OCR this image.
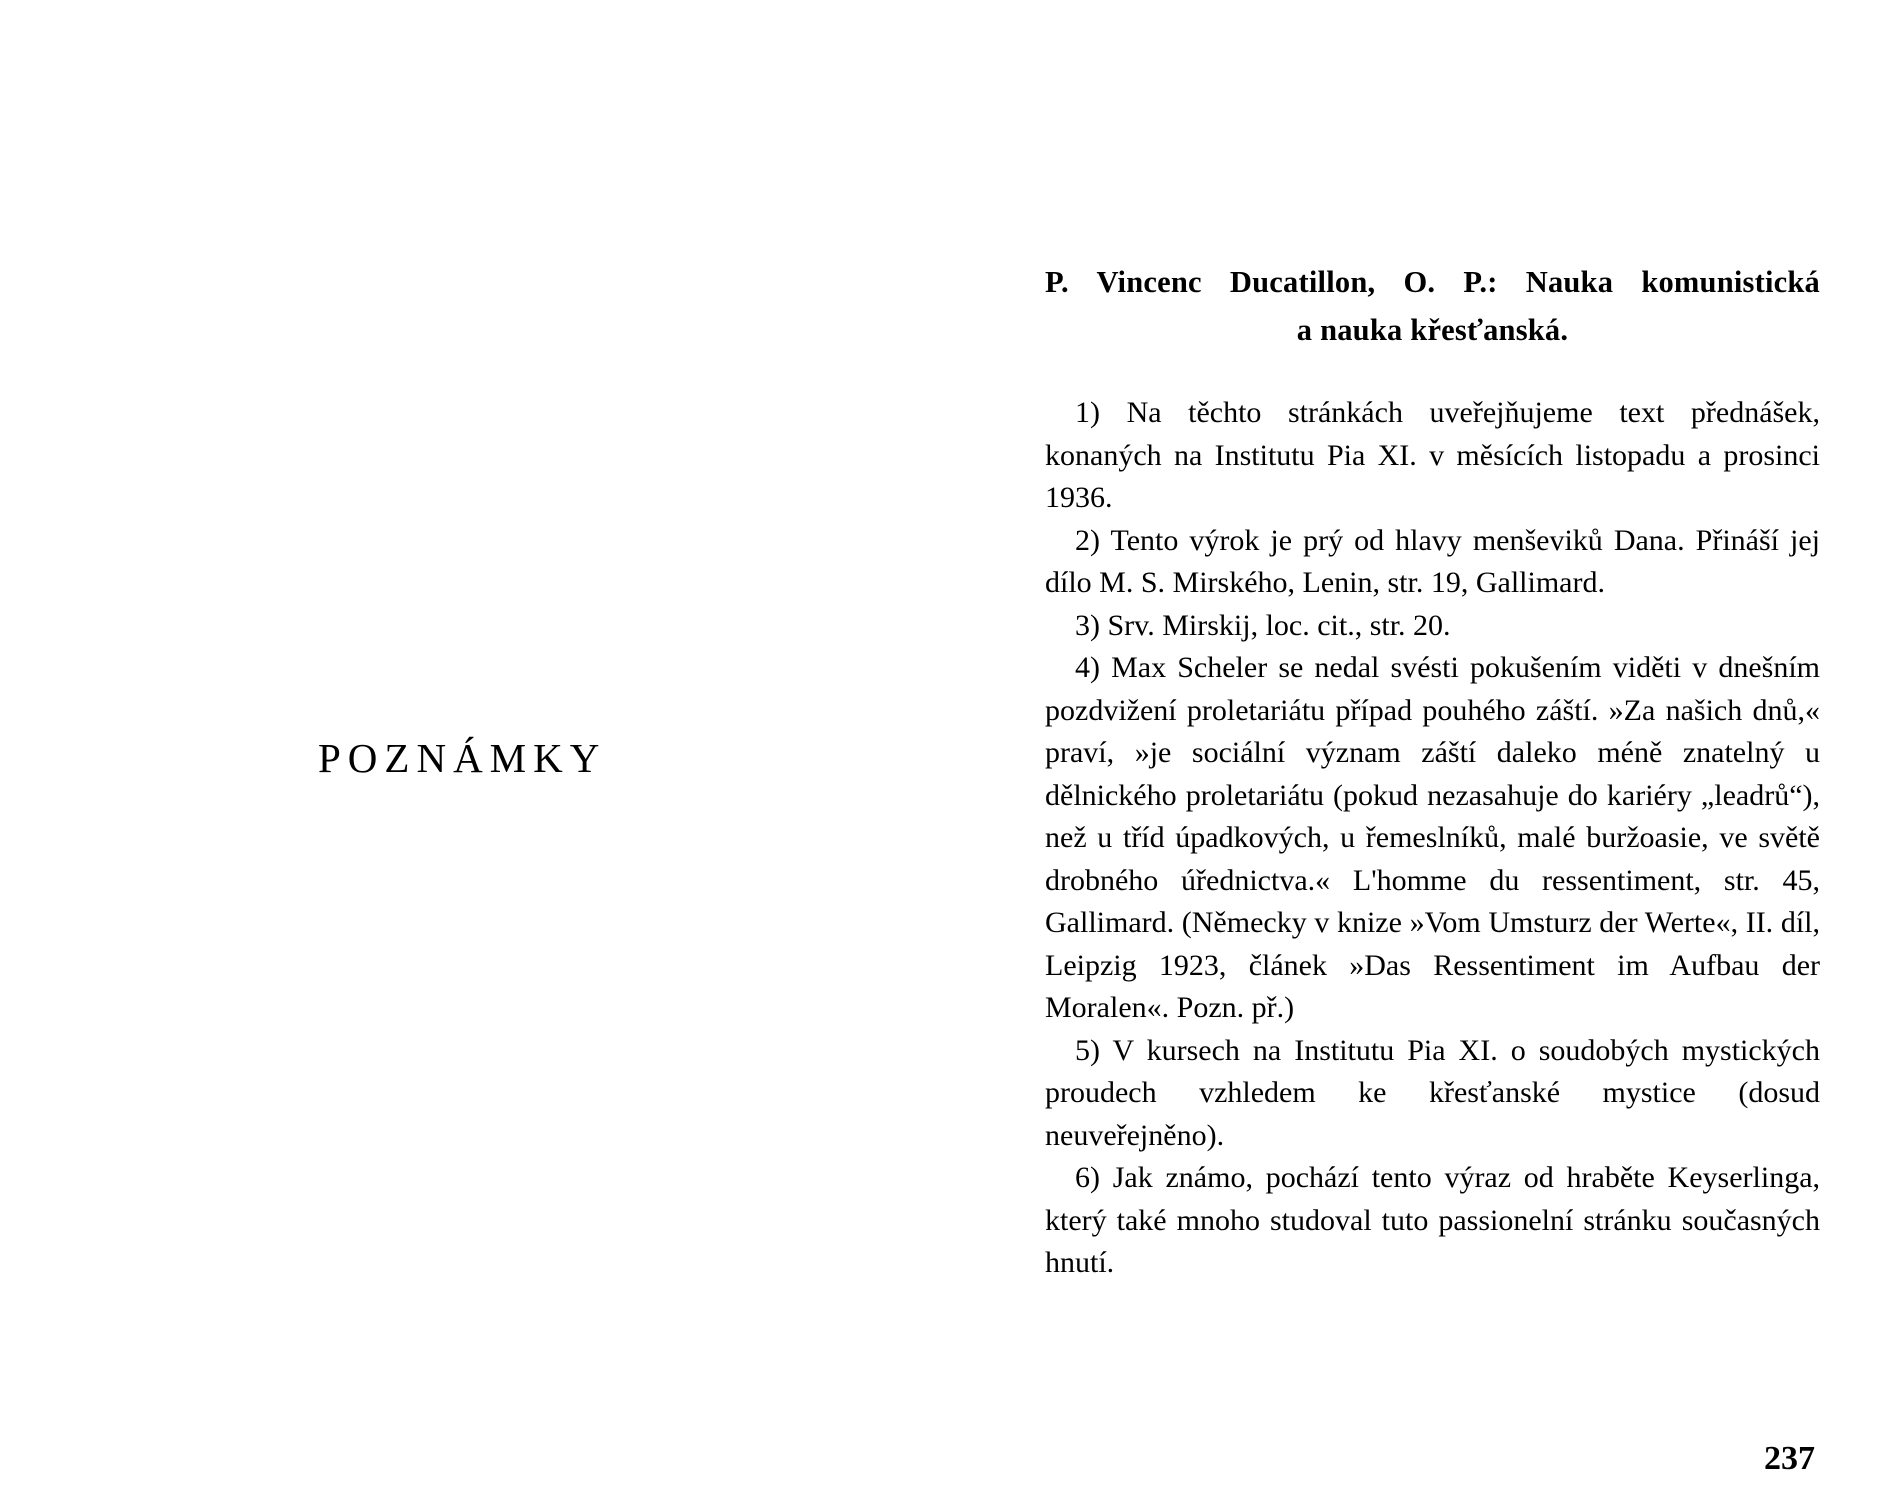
POZNÁMKY
P. Vincenc Ducatillon, O. P.: Nauka komunistická
a nauka křesťanská.

1) Na těchto stránkách uveřejňujeme text přednášek, konaných na Institutu Pia XI. v měsících listopadu a prosinci 1936.

2) Tento výrok je prý od hlavy menševiků Dana. Přináší jej dílo M. S. Mirského, Lenin, str. 19, Gallimard.

3) Srv. Mirskij, loc. cit., str. 20.

4) Max Scheler se nedal svésti pokušením viděti v dnešním pozdvižení proletariátu případ pouhého záští. »Za našich dnů,« praví, »je sociální význam záští daleko méně znatelný u dělnického proletariátu (pokud nezasahuje do kariéry „leadrů“), než u tříd úpadkových, u řemeslníků, malé buržoasie, ve světě drobného úřednictva.« L'homme du ressentiment, str. 45, Gallimard. (Německy v knize »Vom Umsturz der Werte«, II. díl, Leipzig 1923, článek »Das Ressentiment im Aufbau der Moralen«. Pozn. př.)

5) V kursech na Institutu Pia XI. o soudobých mystických proudech vzhledem ke křesťanské mystice (dosud neuveřejněno).

6) Jak známo, pochází tento výraz od hraběte Keyserlinga, který také mnoho studoval tuto passionelní stránku současných hnutí.

237
